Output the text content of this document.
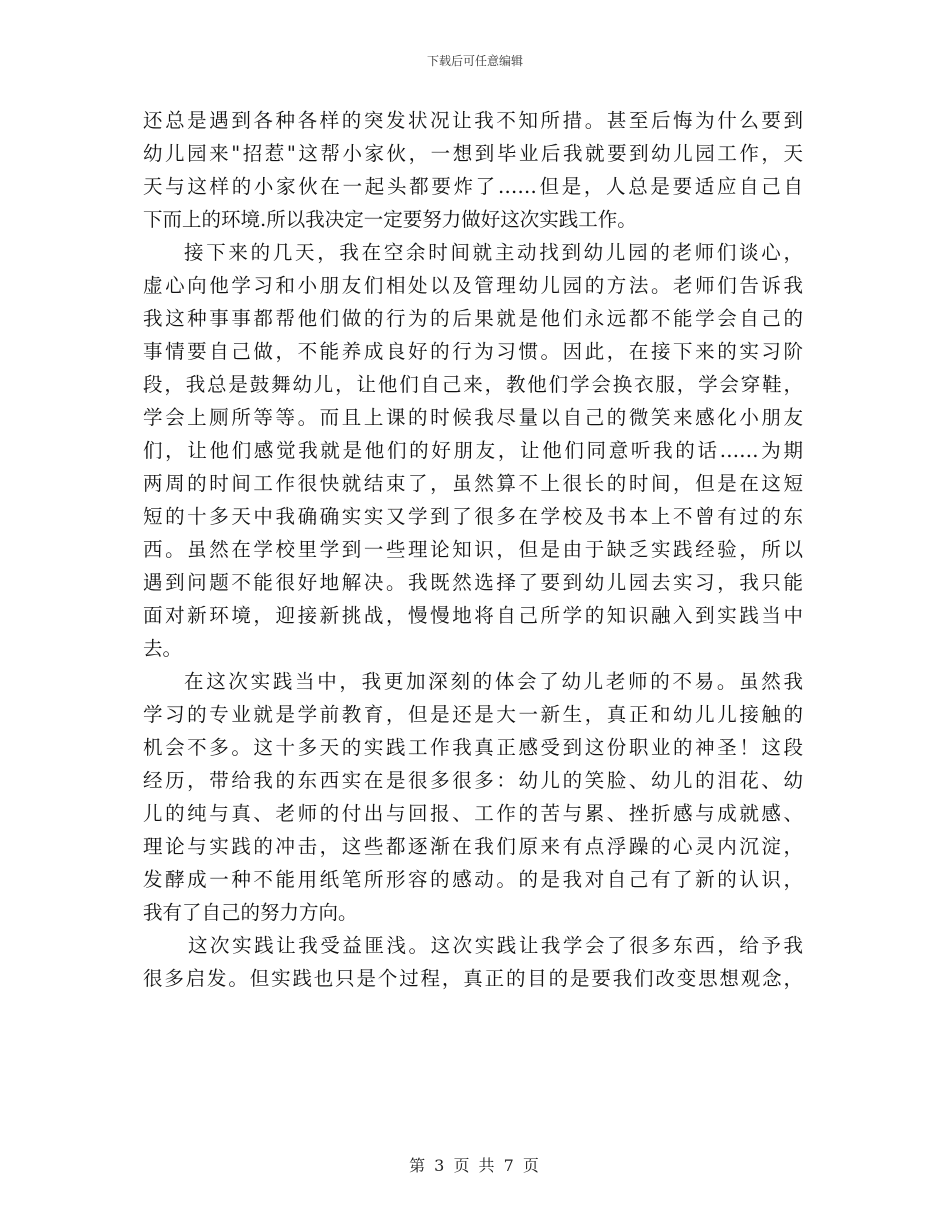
下载后可任意编辑
还总是遇到各种各样的突发状况让我不知所措。甚至后悔为什么要到
幼儿园来"招惹"这帮小家伙，一想到毕业后我就要到幼儿园工作，天
天与这样的小家伙在一起头都要炸了……但是，人总是要适应自己自
下而上的环境.所以我决定一定要努力做好这次实践工作。
接下来的几天，我在空余时间就主动找到幼儿园的老师们谈心，
虚心向他学习和小朋友们相处以及管理幼儿园的方法。老师们告诉我
我这种事事都帮他们做的行为的后果就是他们永远都不能学会自己的
事情要自己做，不能养成良好的行为习惯。因此，在接下来的实习阶
段，我总是鼓舞幼儿，让他们自己来，教他们学会换衣服，学会穿鞋，
学会上厕所等等。而且上课的时候我尽量以自己的微笑来感化小朋友
们，让他们感觉我就是他们的好朋友，让他们同意听我的话……为期
两周的时间工作很快就结束了，虽然算不上很长的时间，但是在这短
短的十多天中我确确实实又学到了很多在学校及书本上不曾有过的东
西。虽然在学校里学到一些理论知识，但是由于缺乏实践经验，所以
遇到问题不能很好地解决。我既然选择了要到幼儿园去实习，我只能
面对新环境，迎接新挑战，慢慢地将自己所学的知识融入到实践当中
去。
在这次实践当中，我更加深刻的体会了幼儿老师的不易。虽然我
学习的专业就是学前教育，但是还是大一新生，真正和幼儿儿接触的
机会不多。这十多天的实践工作我真正感受到这份职业的神圣！这段
经历，带给我的东西实在是很多很多：幼儿的笑脸、幼儿的泪花、幼
儿的纯与真、老师的付出与回报、工作的苦与累、挫折感与成就感、
理论与实践的冲击，这些都逐渐在我们原来有点浮躁的心灵内沉淀，
发酵成一种不能用纸笔所形容的感动。的是我对自己有了新的认识，
我有了自己的努力方向。
这次实践让我受益匪浅。这次实践让我学会了很多东西，给予我
很多启发。但实践也只是个过程，真正的目的是要我们改变思想观念，
第 3 页 共 7 页
